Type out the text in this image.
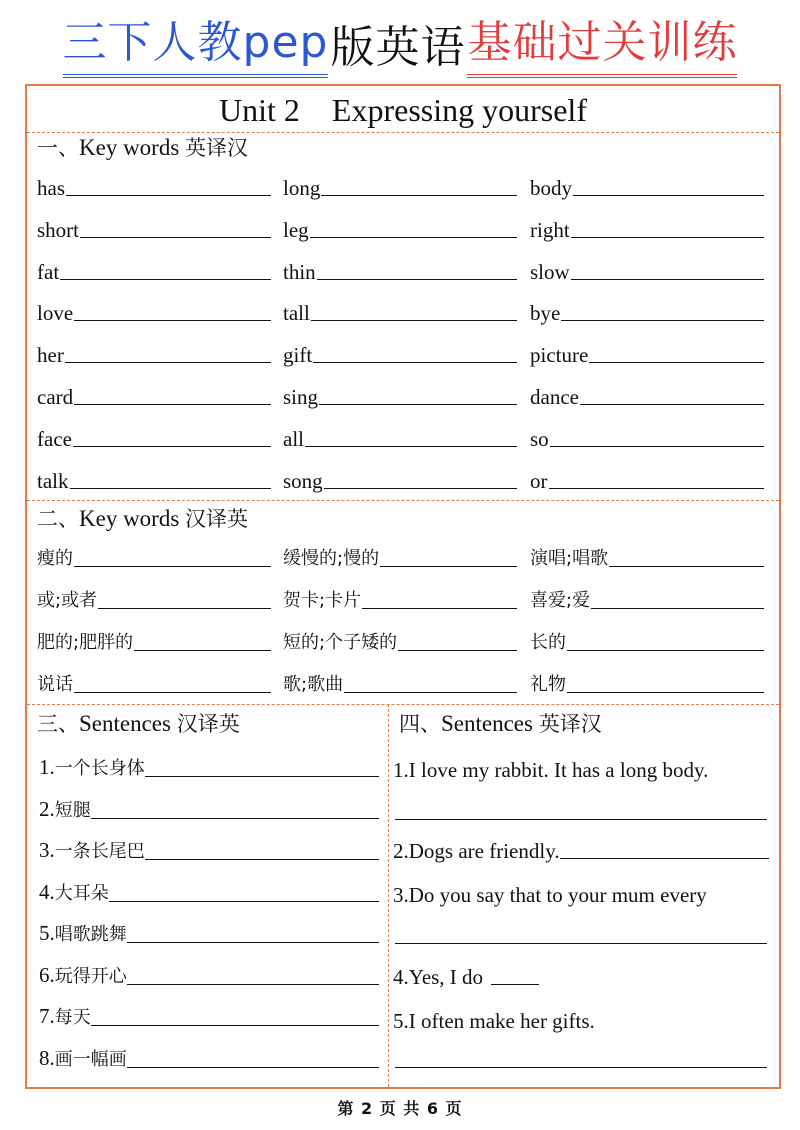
三下人教pep 版英语 基础过关训练
Unit 2    Expressing yourself
一、Key words 英译汉
has	long	body
short	leg	right
fat	thin	slow
love	tall	bye
her	gift	picture
card	sing	dance
face	all	so
talk	song	or
二、Key words 汉译英
瘦的	缓慢的;慢的	演唱;唱歌
或;或者	贺卡;卡片	喜爱;爱
肥的;肥胖的	短的;个子矮的	长的
说话	歌;歌曲	礼物
三、Sentences 汉译英
1.一个长身体
2.短腿
3.一条长尾巴
4.大耳朵
5.唱歌跳舞
6.玩得开心
7.每天
8.画一幅画
四、Sentences 英译汉
1.I love my rabbit. It has a long body.
2.Dogs are friendly.
3.Do you say that to your mum every
4.Yes, I do
5.I often make her gifts.
第 2 页 共 6 页
